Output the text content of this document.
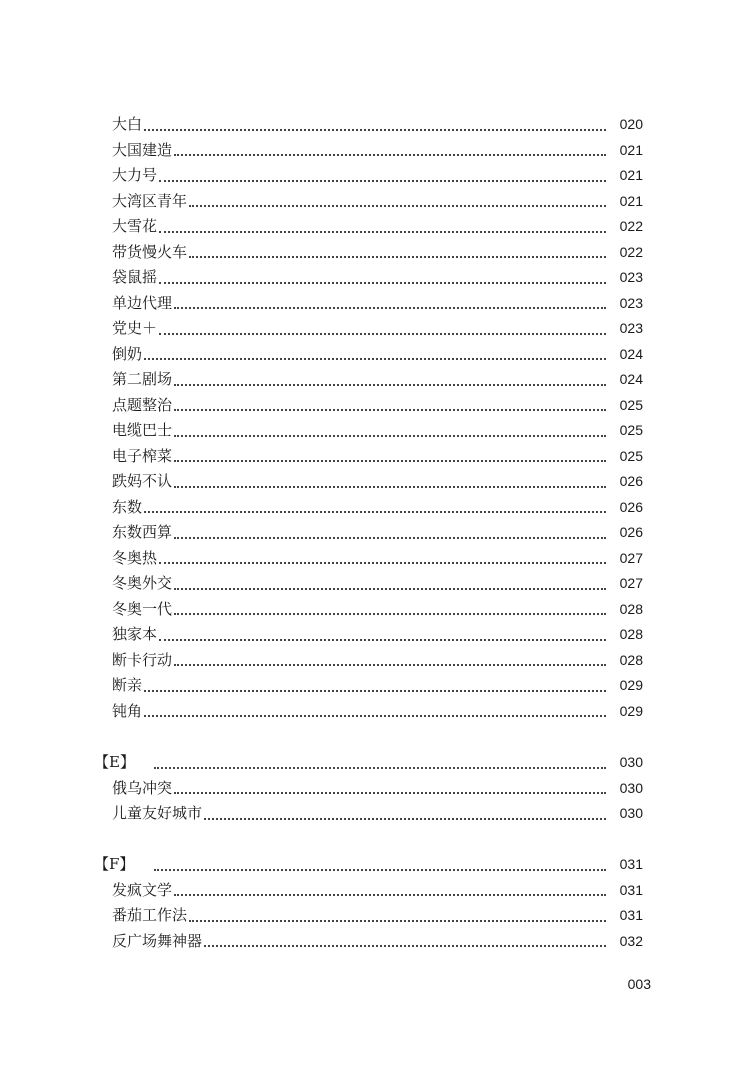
大白	020
大国建造	021
大力号	021
大湾区青年	021
大雪花	022
带货慢火车	022
袋鼠摇	023
单边代理	023
党史＋	023
倒奶	024
第二剧场	024
点题整治	025
电缆巴士	025
电子榨菜	025
跌妈不认	026
东数	026
东数西算	026
冬奥热	027
冬奥外交	027
冬奥一代	028
独家本	028
断卡行动	028
断亲	029
钝角	029
【E】	030
俄乌冲突	030
儿童友好城市	030
【F】	031
发疯文学	031
番茄工作法	031
反广场舞神器	032
003
